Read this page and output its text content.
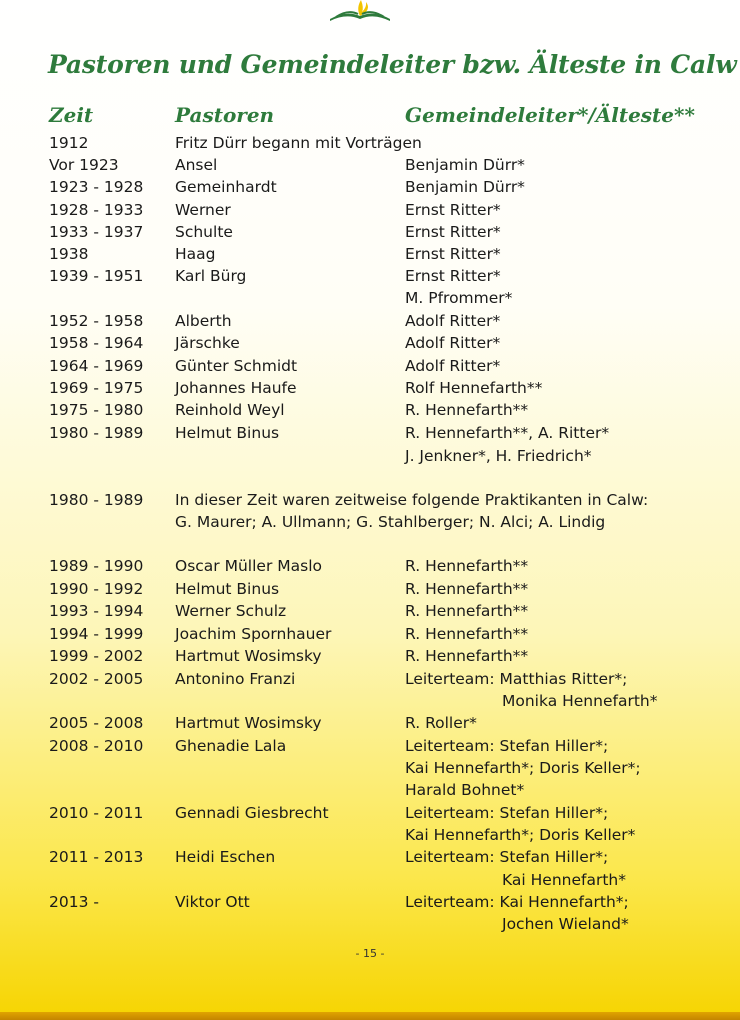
Pastoren und Gemeindeleiter bzw. Älteste in Calw
Zeit	Pastoren	Gemeindeleiter*/Älteste**
1912	Fritz Dürr begann mit Vorträgen
Vor 1923	Ansel	Benjamin Dürr*
1923 - 1928 Gemeinhardt	Benjamin Dürr*
1928 - 1933 Werner	Ernst Ritter*
1933 - 1937 Schulte	Ernst Ritter*
1938	Haag	Ernst Ritter*
1939 - 1951 Karl Bürg	Ernst Ritter*
M. Pfrommer*
1952 - 1958 Alberth	Adolf Ritter*
1958 - 1964 Järschke	Adolf Ritter*
1964 - 1969 Günter Schmidt	Adolf Ritter*
1969 - 1975 Johannes Haufe	Rolf Hennefarth**
1975 - 1980 Reinhold Weyl	R. Hennefarth**
1980 - 1989 Helmut Binus	R. Hennefarth**, A. Ritter*
J. Jenkner*, H. Friedrich*
1980 - 1989 In dieser Zeit waren zeitweise folgende Praktikanten in Calw:
G. Maurer; A. Ullmann; G. Stahlberger; N. Alci; A. Lindig
1989 - 1990 Oscar Müller Maslo	R. Hennefarth**
1990 - 1992 Helmut Binus	R. Hennefarth**
1993 - 1994 Werner Schulz	R. Hennefarth**
1994 - 1999 Joachim Spornhauer	R. Hennefarth**
1999 - 2002 Hartmut Wosimsky	R. Hennefarth**
2002 - 2005 Antonino Franzi	Leiterteam: Matthias Ritter*;
Monika Hennefarth*
2005 - 2008 Hartmut Wosimsky	R. Roller*
2008 - 2010 Ghenadie Lala	Leiterteam: Stefan Hiller*;
Kai Hennefarth*; Doris Keller*;
Harald Bohnet*
2010 - 2011 Gennadi Giesbrecht	Leiterteam: Stefan Hiller*;
Kai Hennefarth*; Doris Keller*
2011 - 2013 Heidi Eschen	Leiterteam: Stefan Hiller*;
Kai Hennefarth*
2013 -	Viktor Ott	Leiterteam: Kai Hennefarth*;
Jochen Wieland*
- 15 -
